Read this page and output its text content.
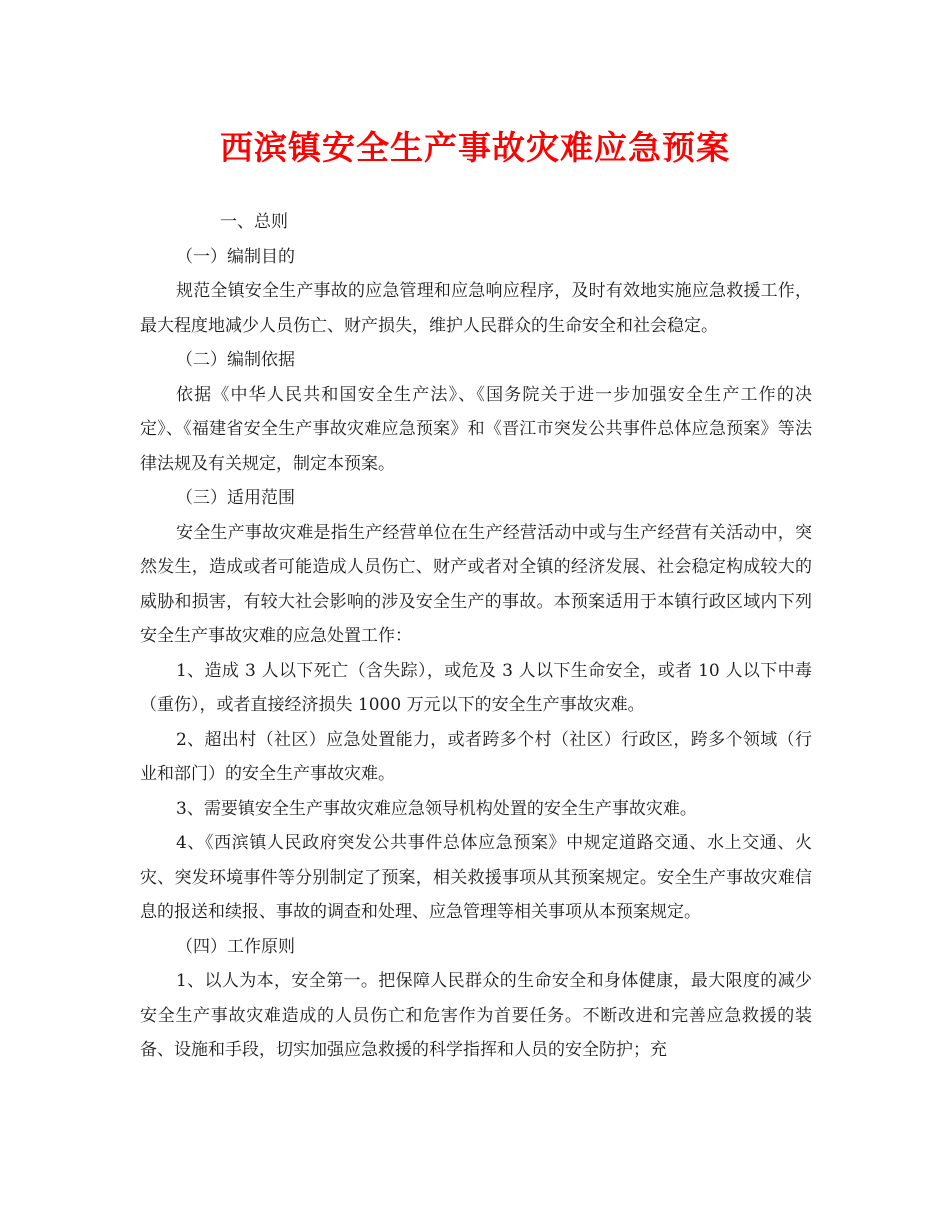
西滨镇安全生产事故灾难应急预案

一、总则

（一）编制目的

规范全镇安全生产事故的应急管理和应急响应程序，及时有效地实施应急救援工作，最大程度地减少人员伤亡、财产损失，维护人民群众的生命安全和社会稳定。

（二）编制依据

依据《中华人民共和国安全生产法》、《国务院关于进一步加强安全生产工作的决定》、《福建省安全生产事故灾难应急预案》和《晋江市突发公共事件总体应急预案》等法律法规及有关规定，制定本预案。

（三）适用范围

安全生产事故灾难是指生产经营单位在生产经营活动中或与生产经营有关活动中，突然发生，造成或者可能造成人员伤亡、财产或者对全镇的经济发展、社会稳定构成较大的威胁和损害，有较大社会影响的涉及安全生产的事故。本预案适用于本镇行政区域内下列安全生产事故灾难的应急处置工作：

1、造成 3 人以下死亡（含失踪），或危及 3 人以下生命安全，或者 10 人以下中毒（重伤），或者直接经济损失 1000 万元以下的安全生产事故灾难。

2、超出村（社区）应急处置能力，或者跨多个村（社区）行政区，跨多个领域（行业和部门）的安全生产事故灾难。

3、需要镇安全生产事故灾难应急领导机构处置的安全生产事故灾难。

4、《西滨镇人民政府突发公共事件总体应急预案》中规定道路交通、水上交通、火灾、突发环境事件等分别制定了预案，相关救援事项从其预案规定。安全生产事故灾难信息的报送和续报、事故的调查和处理、应急管理等相关事项从本预案规定。

（四）工作原则

1、以人为本，安全第一。把保障人民群众的生命安全和身体健康，最大限度的减少安全生产事故灾难造成的人员伤亡和危害作为首要任务。不断改进和完善应急救援的装备、设施和手段，切实加强应急救援的科学指挥和人员的安全防护；充
